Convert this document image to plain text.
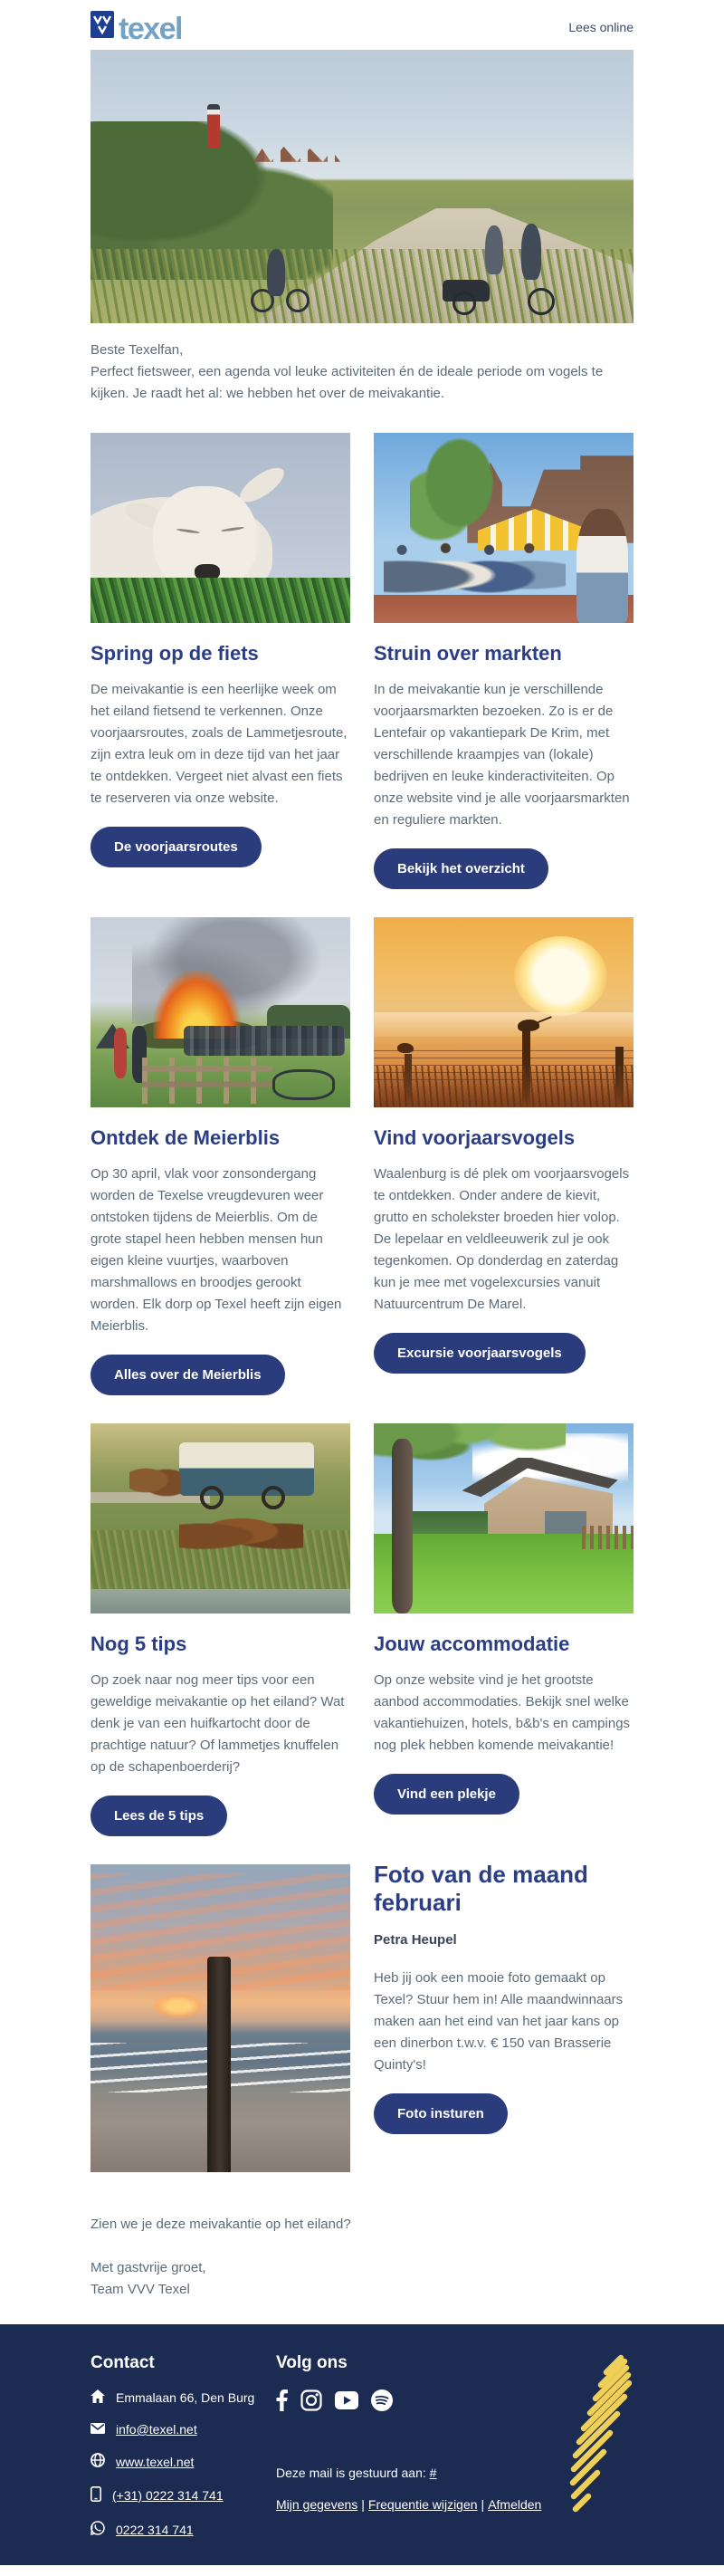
texel	Lees online

Beste Texelfan,
Perfect fietsweer, een agenda vol leuke activiteiten én de ideale periode om vogels te kijken. Je raadt het al: we hebben het over de meivakantie.

Spring op de fiets

De meivakantie is een heerlijke week om het eiland fietsend te verkennen. Onze voorjaarsroutes, zoals de Lammetjesroute, zijn extra leuk om in deze tijd van het jaar te ontdekken. Vergeet niet alvast een fiets te reserveren via onze website.

De voorjaarsroutes
Struin over markten

In de meivakantie kun je verschillende voorjaarsmarkten bezoeken. Zo is er de Lentefair op vakantiepark De Krim, met verschillende kraampjes van (lokale) bedrijven en leuke kinderactiviteiten. Op onze website vind je alle voorjaarsmarkten en reguliere markten.

Bekijk het overzicht
Ontdek de Meierblis

Op 30 april, vlak voor zonsondergang worden de Texelse vreugdevuren weer ontstoken tijdens de Meierblis. Om de grote stapel heen hebben mensen hun eigen kleine vuurtjes, waarboven marshmallows en broodjes gerookt worden. Elk dorp op Texel heeft zijn eigen Meierblis.

Alles over de Meierblis
Vind voorjaarsvogels

Waalenburg is dé plek om voorjaarsvogels te ontdekken. Onder andere de kievit, grutto en scholekster broeden hier volop. De lepelaar en veldleeuwerik zul je ook tegenkomen. Op donderdag en zaterdag kun je mee met vogelexcursies vanuit Natuurcentrum De Marel.

Excursie voorjaarsvogels
Nog 5 tips

Op zoek naar nog meer tips voor een geweldige meivakantie op het eiland? Wat denk je van een huifkartocht door de prachtige natuur? Of lammetjes knuffelen op de schapenboerderij?

Lees de 5 tips
Jouw accommodatie

Op onze website vind je het grootste aanbod accommodaties. Bekijk snel welke vakantiehuizen, hotels, b&b's en campings nog plek hebben komende meivakantie!

Vind een plekje
Foto van de maand februari

Petra Heupel

Heb jij ook een mooie foto gemaakt op Texel? Stuur hem in! Alle maandwinnaars maken aan het eind van het jaar kans op een dinerbon t.w.v. € 150 van Brasserie Quinty's!

Foto insturen

Zien we je deze meivakantie op het eiland?

Met gastvrije groet,
Team VVV Texel

Contact
Emmalaan 66, Den Burg
info@texel.net
www.texel.net
(+31) 0222 314 741
0222 314 741
Volg ons

Deze mail is gestuurd aan: #

Mijn gegevens | Frequentie wijzigen | Afmelden
